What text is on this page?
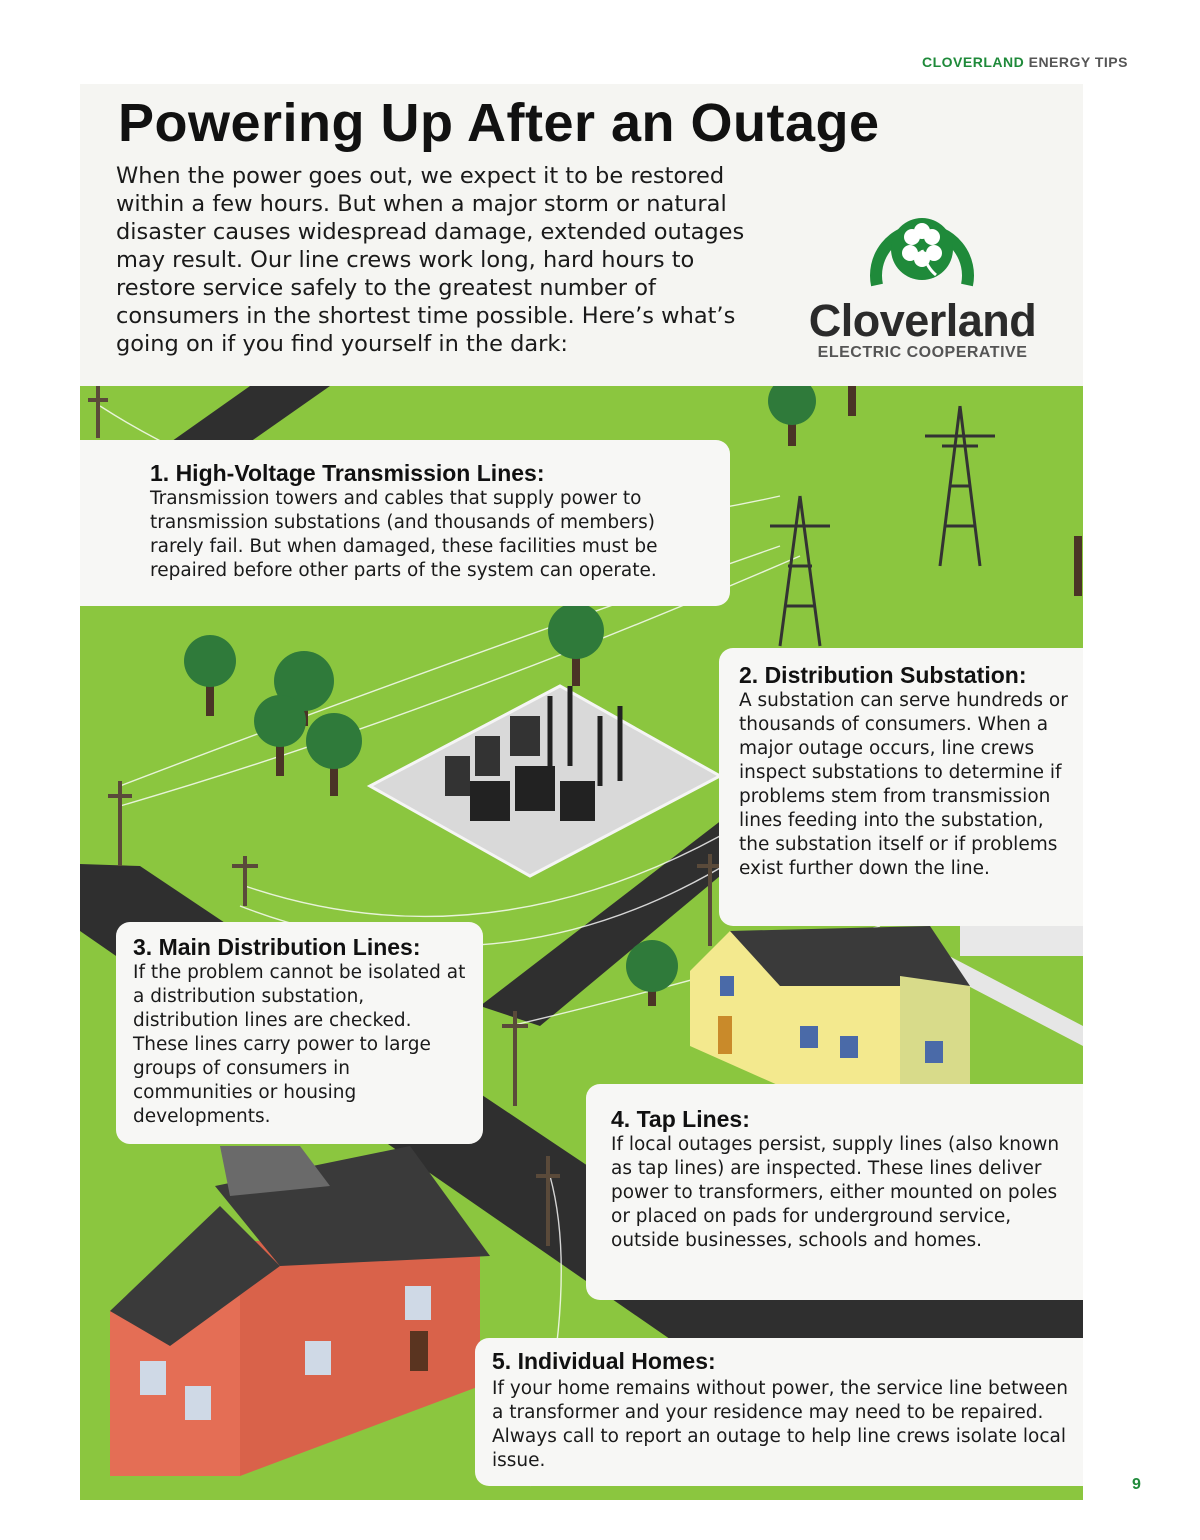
CLOVERLAND ENERGY TIPS
Powering Up After an Outage

When the power goes out, we expect it to be restored within a few hours. But when a major storm or natural disaster causes widespread damage, extended outages may result. Our line crews work long, hard hours to restore service safely to the greatest number of consumers in the shortest time possible. Here’s what’s going on if you find yourself in the dark:	Cloverland
ELECTRIC COOPERATIVE
1. High-Voltage Transmission Lines:

Transmission towers and cables that supply power to transmission substations (and thousands of members) rarely fail. But when damaged, these facilities must be repaired before other parts of the system can operate.

2. Distribution Substation:

A substation can serve hundreds or thousands of consumers. When a major outage occurs, line crews inspect substations to determine if problems stem from transmission lines feeding into the substation, the substation itself or if problems exist further down the line.

3. Main Distribution Lines:

If the problem cannot be isolated at a distribution substation, distribution lines are checked. These lines carry power to large groups of consumers in communities or housing developments.	4. Tap Lines:

If local outages persist, supply lines (also known as tap lines) are inspected. These lines deliver power to transformers, either mounted on poles or placed on pads for underground service, outside businesses, schools and homes.

5. Individual Homes:

If your home remains without power, the service line between a transformer and your residence may need to be repaired. Always call to report an outage to help line crews isolate local issue.

9
